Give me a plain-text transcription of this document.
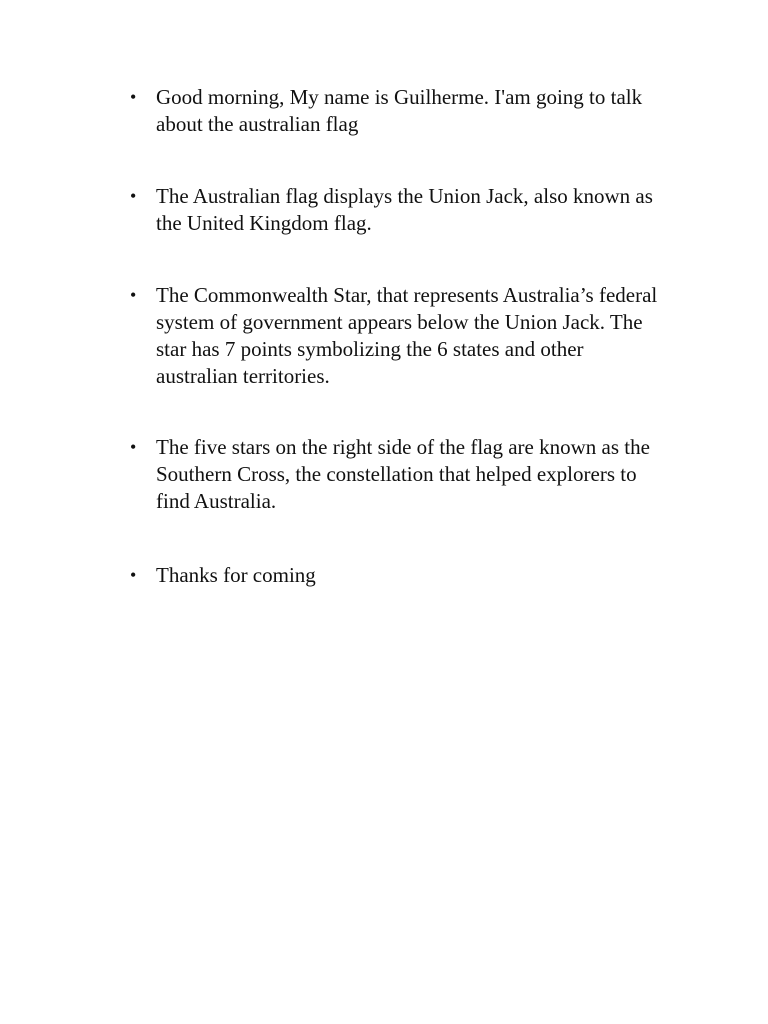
• Good morning, My name is Guilherme. I'am going to talk about the australian flag
• The Australian flag displays the Union Jack, also known as the United Kingdom flag.
• The Commonwealth Star, that represents Australia’s federal system of government appears below the Union Jack. The star has 7 points symbolizing the 6 states and other australian territories.
• The five stars on the right side of the flag are known as the Southern Cross, the constellation that helped explorers to find Australia.
• Thanks for coming
